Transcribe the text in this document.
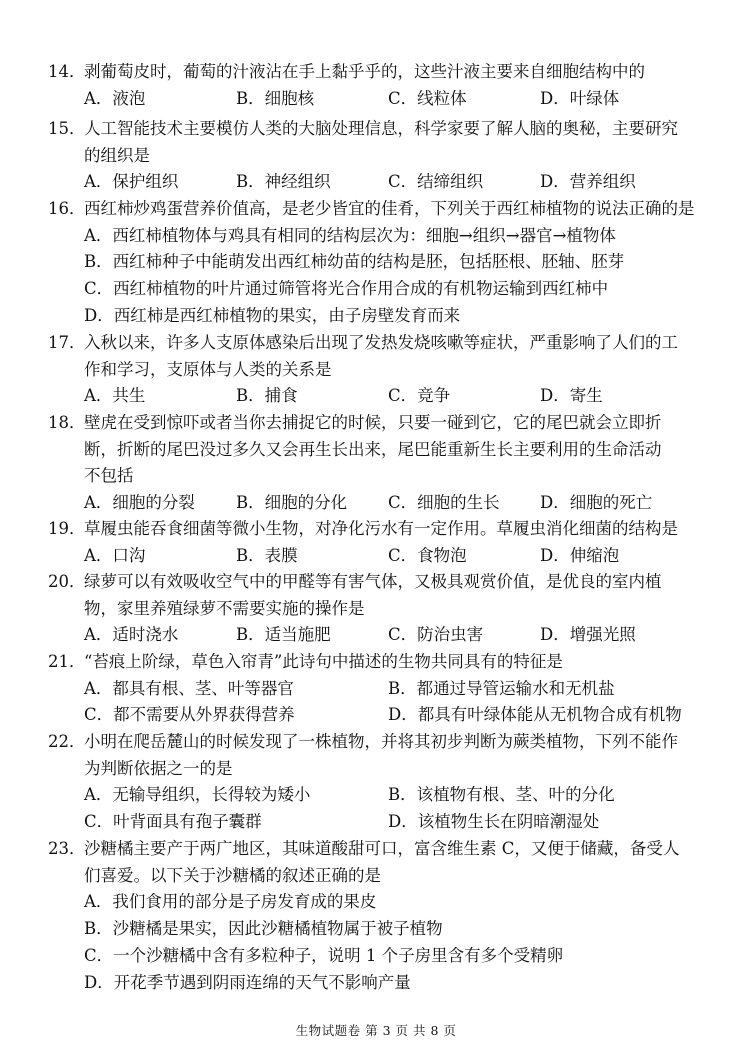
14．剥葡萄皮时，葡萄的汁液沾在手上黏乎乎的，这些汁液主要来自细胞结构中的
A．液泡	B．细胞核	C．线粒体	D．叶绿体
15．人工智能技术主要模仿人类的大脑处理信息，科学家要了解人脑的奥秘，主要研究
的组织是
A．保护组织	B．神经组织	C．结缔组织	D．营养组织
16．西红柿炒鸡蛋营养价值高，是老少皆宜的佳肴，下列关于西红柿植物的说法正确的是
A．西红柿植物体与鸡具有相同的结构层次为：细胞→组织→器官→植物体
B．西红柿种子中能萌发出西红柿幼苗的结构是胚，包括胚根、胚轴、胚芽
C．西红柿植物的叶片通过筛管将光合作用合成的有机物运输到西红柿中
D．西红柿是西红柿植物的果实，由子房壁发育而来
17．入秋以来，许多人支原体感染后出现了发热发烧咳嗽等症状，严重影响了人们的工
作和学习，支原体与人类的关系是
A．共生	B．捕食	C．竞争	D．寄生
18．壁虎在受到惊吓或者当你去捕捉它的时候，只要一碰到它，它的尾巴就会立即折
断，折断的尾巴没过多久又会再生长出来，尾巴能重新生长主要利用的生命活动
不包括
A．细胞的分裂	B．细胞的分化	C．细胞的生长	D．细胞的死亡
19．草履虫能吞食细菌等微小生物，对净化污水有一定作用。草履虫消化细菌的结构是
A．口沟	B．表膜	C．食物泡	D．伸缩泡
20．绿萝可以有效吸收空气中的甲醛等有害气体，又极具观赏价值，是优良的室内植
物，家里养殖绿萝不需要实施的操作是
A．适时浇水	B．适当施肥	C．防治虫害	D．增强光照
21．“苔痕上阶绿，草色入帘青”此诗句中描述的生物共同具有的特征是
A．都具有根、茎、叶等器官	B．都通过导管运输水和无机盐
C．都不需要从外界获得营养	D．都具有叶绿体能从无机物合成有机物
22．小明在爬岳麓山的时候发现了一株植物，并将其初步判断为蕨类植物，下列不能作
为判断依据之一的是
A．无输导组织，长得较为矮小	B．该植物有根、茎、叶的分化
C．叶背面具有孢子囊群	D．该植物生长在阴暗潮湿处
23．沙糖橘主要产于两广地区，其味道酸甜可口，富含维生素 C，又便于储藏，备受人
们喜爱。以下关于沙糖橘的叙述正确的是
A．我们食用的部分是子房发育成的果皮
B．沙糖橘是果实，因此沙糖橘植物属于被子植物
C．一个沙糖橘中含有多粒种子，说明 1 个子房里含有多个受精卵
D．开花季节遇到阴雨连绵的天气不影响产量
生物试题卷 第 3 页 共 8 页
